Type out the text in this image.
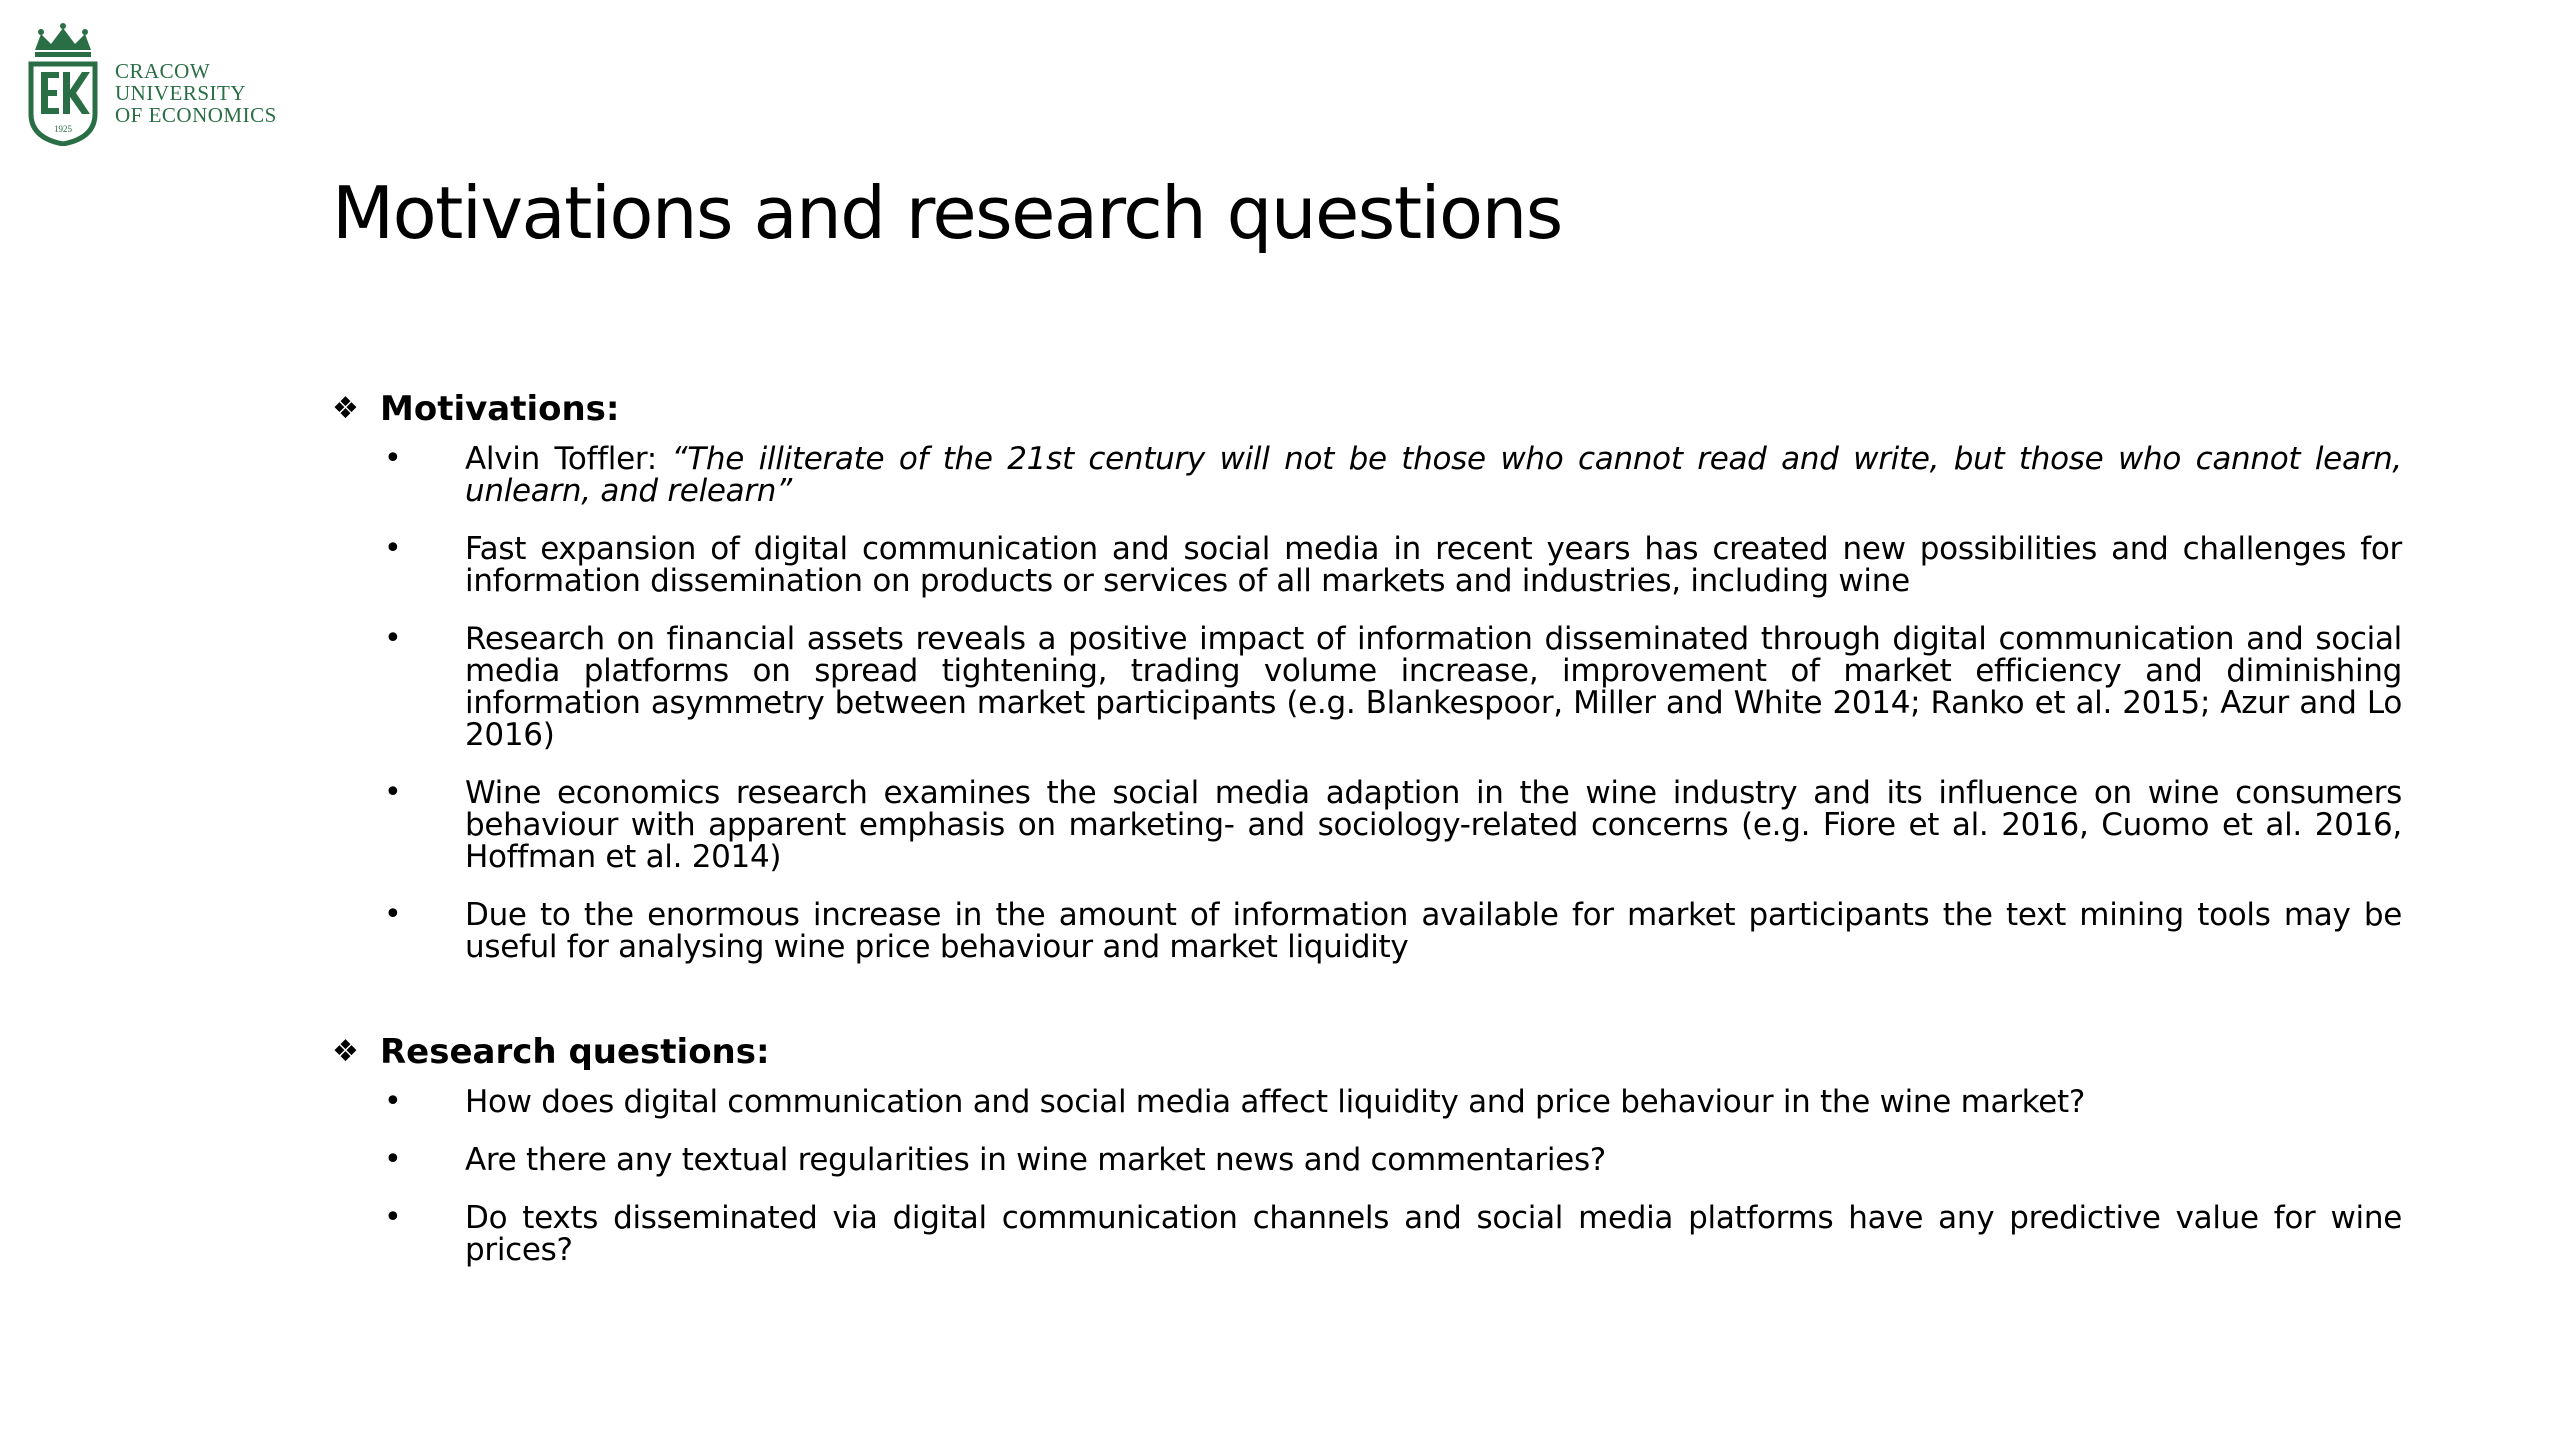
1925
CRACOW
UNIVERSITY
OF ECONOMICS
Motivations and research questions
❖ Motivations:
• Alvin Toffler: “The illiterate of the 21st century will not be those who cannot read and write, but those who cannot learn, unlearn, and relearn”
• Fast expansion of digital communication and social media in recent years has created new possibilities and challenges for information dissemination on products or services of all markets and industries, including wine
• Research on financial assets reveals a positive impact of information disseminated through digital communication and social media platforms on spread tightening, trading volume increase, improvement of market efficiency and diminishing information asymmetry between market participants (e.g. Blankespoor, Miller and White 2014; Ranko et al. 2015; Azur and Lo 2016)
• Wine economics research examines the social media adaption in the wine industry and its influence on wine consumers behaviour with apparent emphasis on marketing- and sociology-related concerns (e.g. Fiore et al. 2016, Cuomo et al. 2016, Hoffman et al. 2014)
• Due to the enormous increase in the amount of information available for market participants the text mining tools may be useful for analysing wine price behaviour and market liquidity
❖ Research questions:
• How does digital communication and social media affect liquidity and price behaviour in the wine market?
• Are there any textual regularities in wine market news and commentaries?
• Do texts disseminated via digital communication channels and social media platforms have any predictive value for wine prices?
